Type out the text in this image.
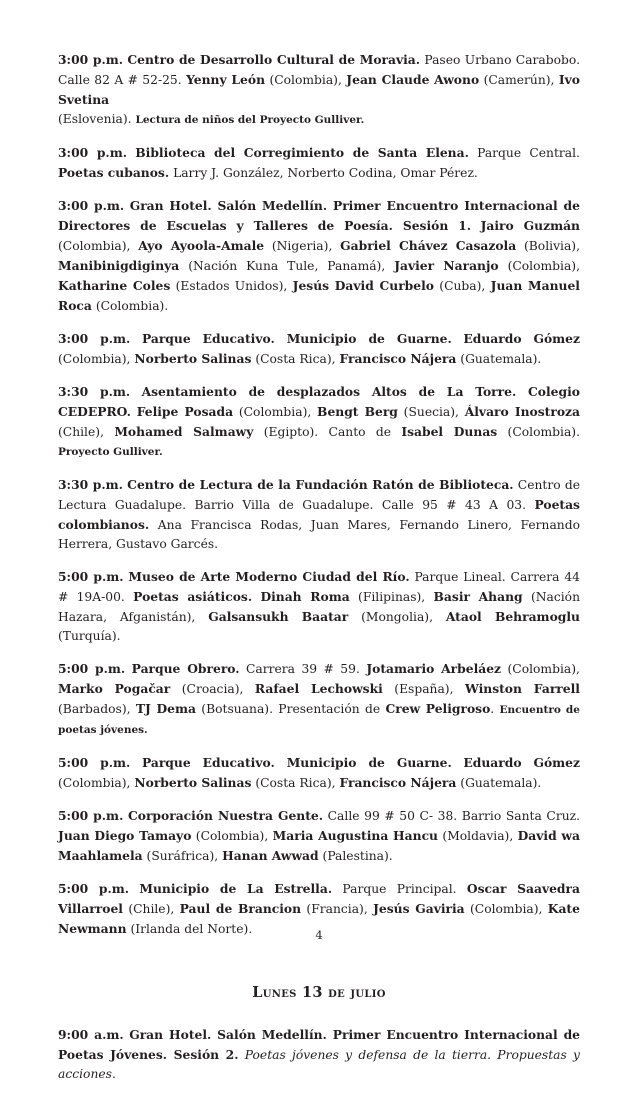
3:00 p.m. Centro de Desarrollo Cultural de Moravia. Paseo Urbano Carabobo. Calle 82 A # 52-25. Yenny León (Colombia), Jean Claude Awono (Camerún), Ivo Svetina
(Eslovenia). Lectura de niños del Proyecto Gulliver.

3:00 p.m. Biblioteca del Corregimiento de Santa Elena. Parque Central. Poetas cubanos. Larry J. González, Norberto Codina, Omar Pérez.

3:00 p.m. Gran Hotel. Salón Medellín. Primer Encuentro Internacional de Directores de Escuelas y Talleres de Poesía. Sesión 1. Jairo Guzmán (Colombia), Ayo Ayoola-Amale (Nigeria), Gabriel Chávez Casazola (Bolivia), Manibinigdiginya (Nación Kuna Tule, Panamá), Javier Naranjo (Colombia), Katharine Coles (Estados Unidos), Jesús David Curbelo (Cuba), Juan Manuel Roca (Colombia).

3:00 p.m. Parque Educativo. Municipio de Guarne. Eduardo Gómez (Colombia), Norberto Salinas (Costa Rica), Francisco Nájera (Guatemala).

3:30 p.m. Asentamiento de desplazados Altos de La Torre. Colegio CEDEPRO. Felipe Posada (Colombia), Bengt Berg (Suecia), Álvaro Inostroza (Chile), Mohamed Salmawy (Egipto). Canto de Isabel Dunas (Colombia). Proyecto Gulliver.

3:30 p.m. Centro de Lectura de la Fundación Ratón de Biblioteca. Centro de Lectura Guadalupe. Barrio Villa de Guadalupe. Calle 95 # 43 A 03. Poetas colombianos. Ana Francisca Rodas, Juan Mares, Fernando Linero, Fernando Herrera, Gustavo Garcés.

5:00 p.m. Museo de Arte Moderno Ciudad del Río. Parque Lineal. Carrera 44 # 19A-00. Poetas asiáticos. Dinah Roma (Filipinas), Basir Ahang (Nación Hazara, Afganistán), Galsansukh Baatar (Mongolia), Ataol Behramoglu (Turquía).

5:00 p.m. Parque Obrero. Carrera 39 # 59. Jotamario Arbeláez (Colombia), Marko Pogačar (Croacia), Rafael Lechowski (España), Winston Farrell (Barbados), TJ Dema (Botsuana). Presentación de Crew Peligroso. Encuentro de poetas jóvenes.

5:00 p.m. Parque Educativo. Municipio de Guarne. Eduardo Gómez (Colombia), Norberto Salinas (Costa Rica), Francisco Nájera (Guatemala).

5:00 p.m. Corporación Nuestra Gente. Calle 99 # 50 C- 38. Barrio Santa Cruz. Juan Diego Tamayo (Colombia), Maria Augustina Hancu (Moldavia), David wa Maahlamela (Suráfrica), Hanan Awwad (Palestina).

5:00 p.m. Municipio de La Estrella. Parque Principal. Oscar Saavedra Villarroel (Chile), Paul de Brancion (Francia), Jesús Gaviria (Colombia), Kate Newmann (Irlanda del Norte).

Lunes 13 de julio

9:00 a.m. Gran Hotel. Salón Medellín. Primer Encuentro Internacional de Poetas Jóvenes. Sesión 2. Poetas jóvenes y defensa de la tierra. Propuestas y acciones.

4
